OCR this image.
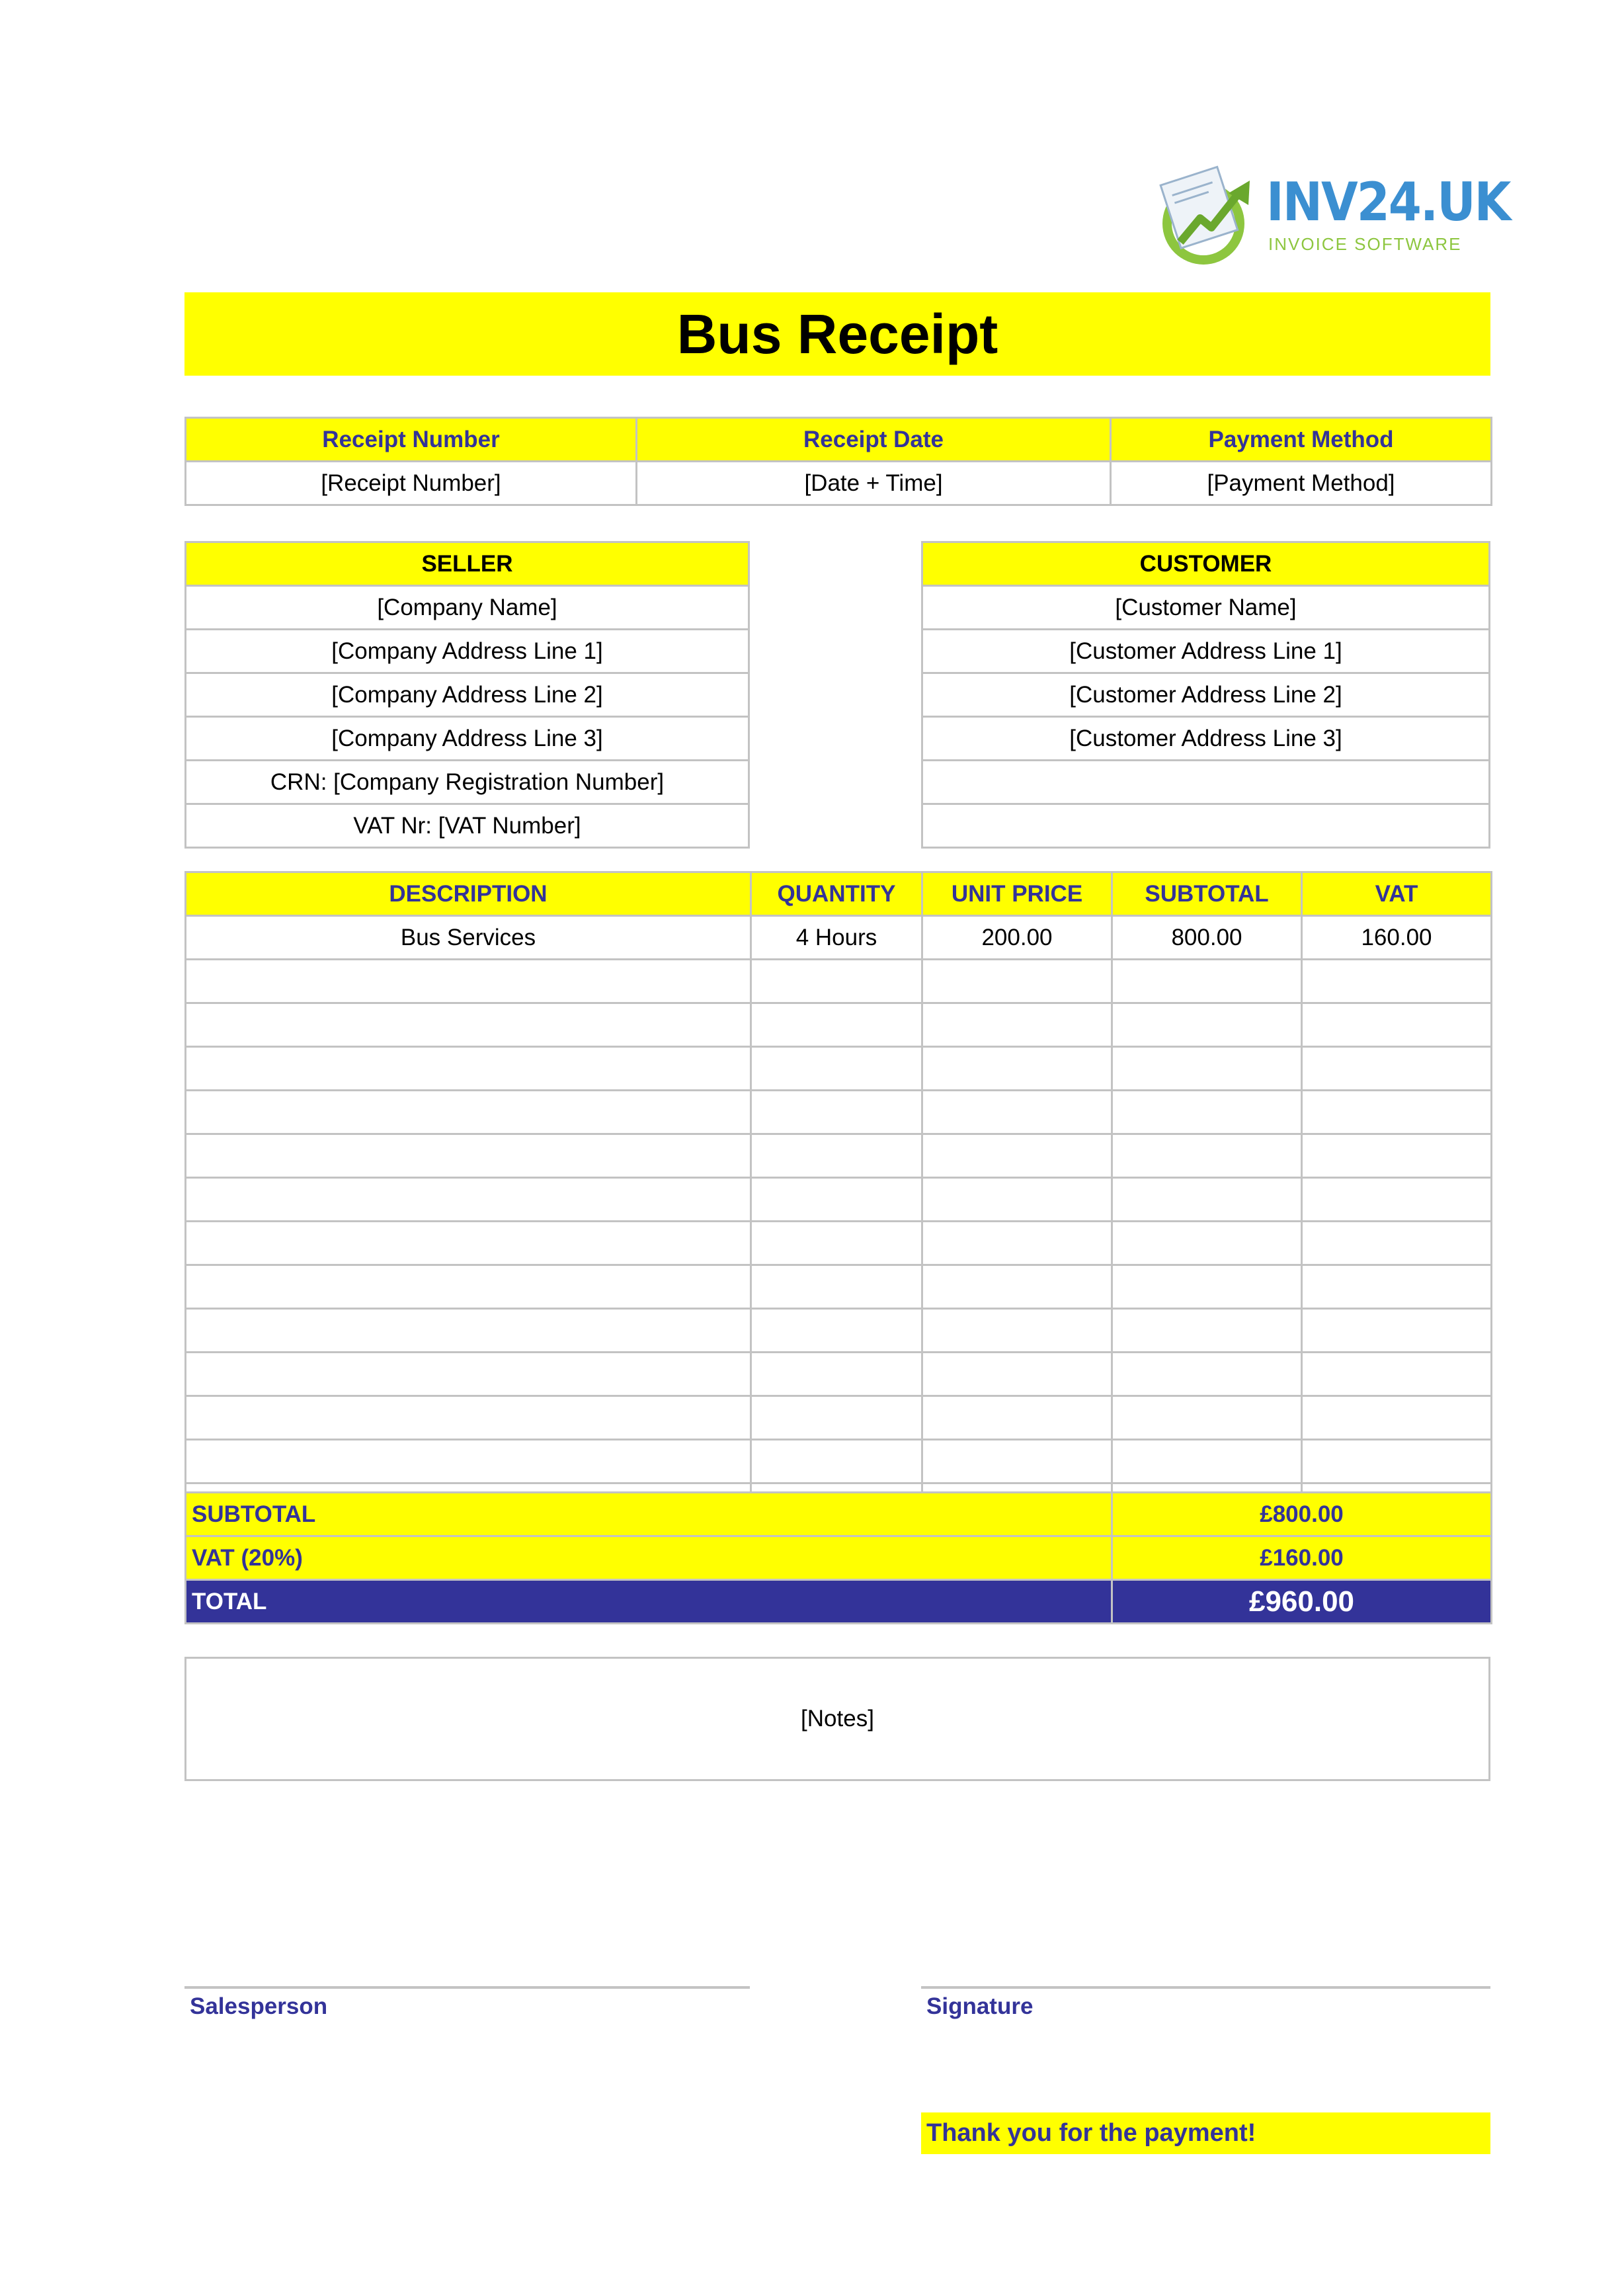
INV24.UK
INVOICE SOFTWARE
Bus Receipt
Receipt Number	Receipt Date	Payment Method
[Receipt Number]	[Date + Time]	[Payment Method]
SELLER
[Company Name]
[Company Address Line 1]
[Company Address Line 2]
[Company Address Line 3]
CRN: [Company Registration Number]
VAT Nr: [VAT Number]
CUSTOMER
[Customer Name]
[Customer Address Line 1]
[Customer Address Line 2]
[Customer Address Line 3]

DESCRIPTION	QUANTITY	UNIT PRICE	SUBTOTAL	VAT
Bus Services	4 Hours	200.00	800.00	160.00

SUBTOTAL	£800.00
VAT (20%)	£160.00
TOTAL	£960.00
[Notes]
Salesperson	Signature
Thank you for the payment!
